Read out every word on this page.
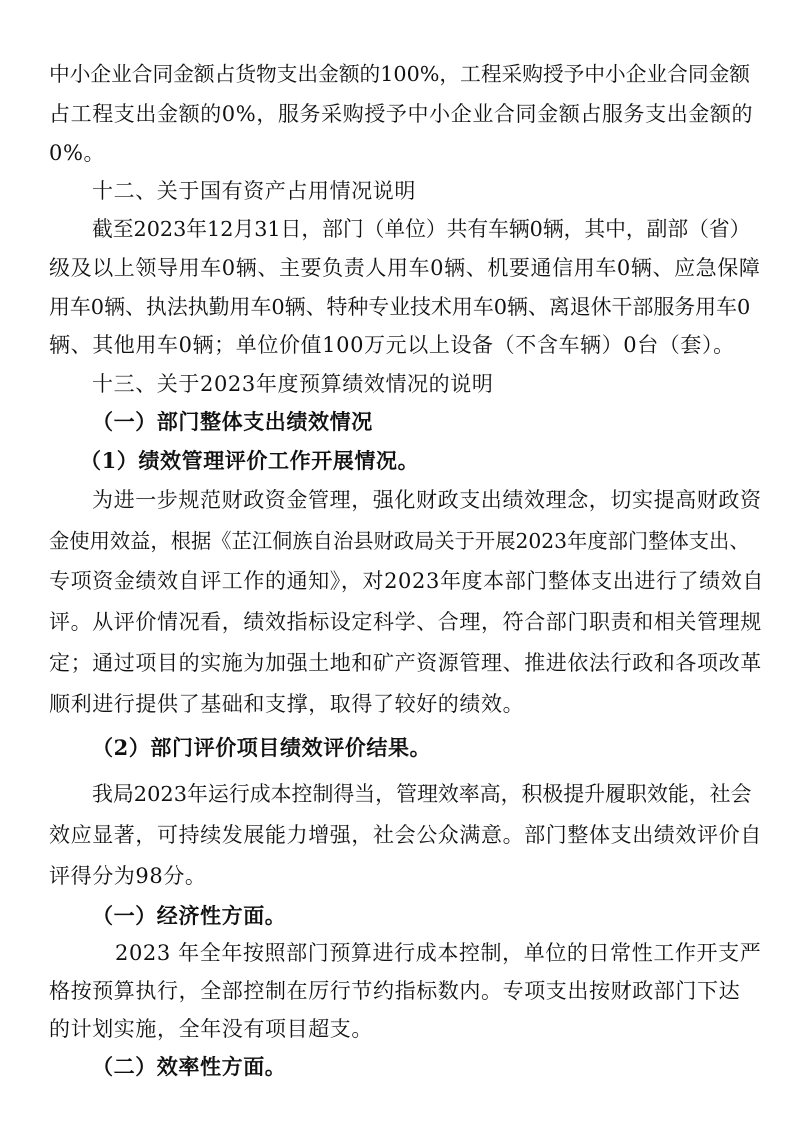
中小企业合同金额占货物支出金额的100%，工程采购授予中小企业合同金额
占工程支出金额的0%，服务采购授予中小企业合同金额占服务支出金额的
0%。
十二、关于国有资产占用情况说明
截至2023年12月31日，部门（单位）共有车辆0辆，其中，副部（省）
级及以上领导用车0辆、主要负责人用车0辆、机要通信用车0辆、应急保障
用车0辆、执法执勤用车0辆、特种专业技术用车0辆、离退休干部服务用车0
辆、其他用车0辆；单位价值100万元以上设备（不含车辆）0台（套）。
十三、关于2023年度预算绩效情况的说明
（一）部门整体支出绩效情况
（1）绩效管理评价工作开展情况。
为进一步规范财政资金管理，强化财政支出绩效理念，切实提高财政资
金使用效益，根据《芷江侗族自治县财政局关于开展2023年度部门整体支出、
专项资金绩效自评工作的通知》，对2023年度本部门整体支出进行了绩效自
评。从评价情况看，绩效指标设定科学、合理，符合部门职责和相关管理规
定；通过项目的实施为加强土地和矿产资源管理、推进依法行政和各项改革
顺利进行提供了基础和支撑，取得了较好的绩效。
（2）部门评价项目绩效评价结果。
我局2023年运行成本控制得当，管理效率高，积极提升履职效能，社会
效应显著，可持续发展能力增强，社会公众满意。部门整体支出绩效评价自
评得分为98分。
（一）经济性方面。
2023 年全年按照部门预算进行成本控制，单位的日常性工作开支严
格按预算执行，全部控制在厉行节约指标数内。专项支出按财政部门下达
的计划实施，全年没有项目超支。
（二）效率性方面。
